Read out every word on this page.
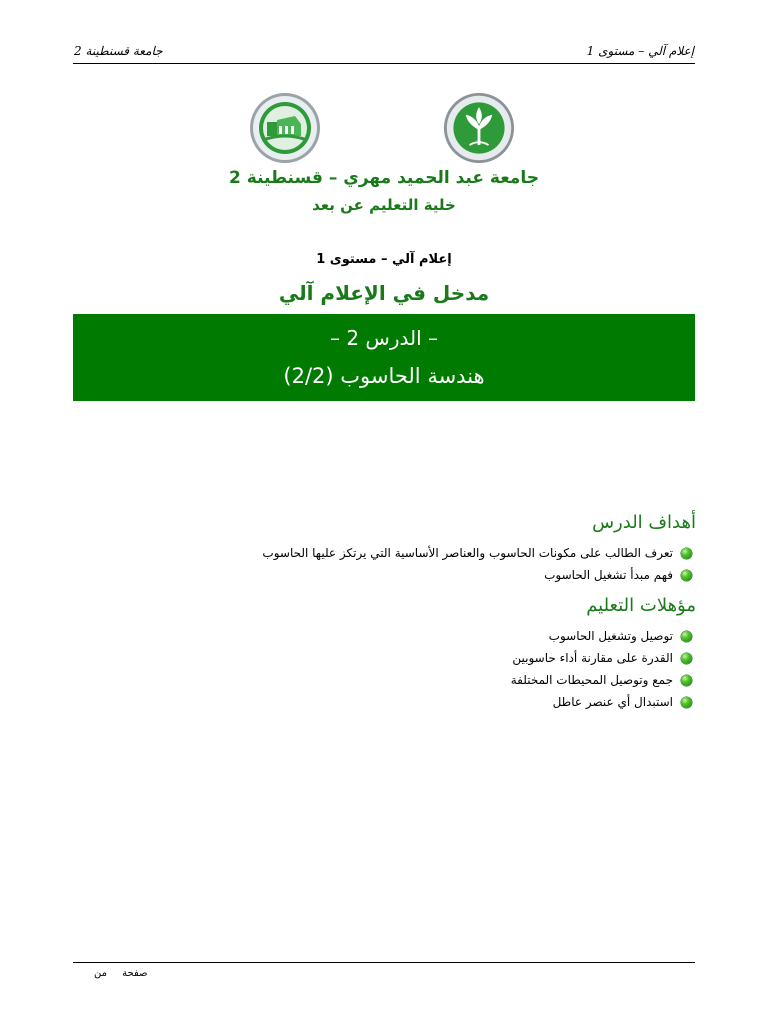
جامعة قسنطينة 2	إعلام آلي – مستوى 1
جامعة عبد الحميد مهري – قسنطينة 2
خلية التعليم عن بعد
إعلام آلي – مستوى 1
مدخل في الإعلام آلي
– الدرس 2 –
هندسة الحاسوب (2/2)
أهداف الدرس
تعرف الطالب على مكونات الحاسوب والعناصر الأساسية التي يرتكز عليها الحاسوب
فهم مبدأ تشغيل الحاسوب
مؤهلات التعليم
توصيل وتشغيل الحاسوب
القدرة على مقارنة أداء حاسوبين
جمع وتوصيل المحيطات المختلفة
استبدال أي عنصر عاطل
صفحة من
